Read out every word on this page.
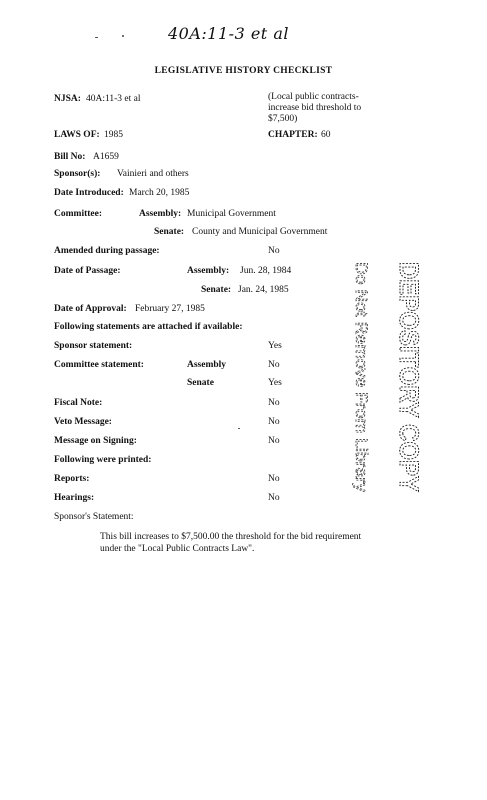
40A:11-3 et al
LEGISLATIVE HISTORY CHECKLIST
NJSA: 40A:11-3 et al	(Local public contracts-increase bid threshold to $7,500)
LAWS OF: 1985	CHAPTER: 60
Bill No: A1659
Sponsor(s): Vainieri and others
Date Introduced: March 20, 1985
Committee:	Assembly: Municipal Government
Senate: County and Municipal Government
Amended during passage:	No
Date of Passage:	Assembly: Jun. 28, 1984
Senate: Jan. 24, 1985
Date of Approval: February 27, 1985
Following statements are attached if available:
Sponsor statement:	Yes
Committee statement:	Assembly	No
Senate	Yes
Fiscal Note:	No
Veto Message:	No
Message on Signing:	No
Following were printed:
Reports:	No
Hearings:	No
Sponsor's Statement:
This bill increases to $7,500.00 the threshold for the bid requirement under the "Local Public Contracts Law".
DEPOSITORY COPY
Do Not Remove From Library
